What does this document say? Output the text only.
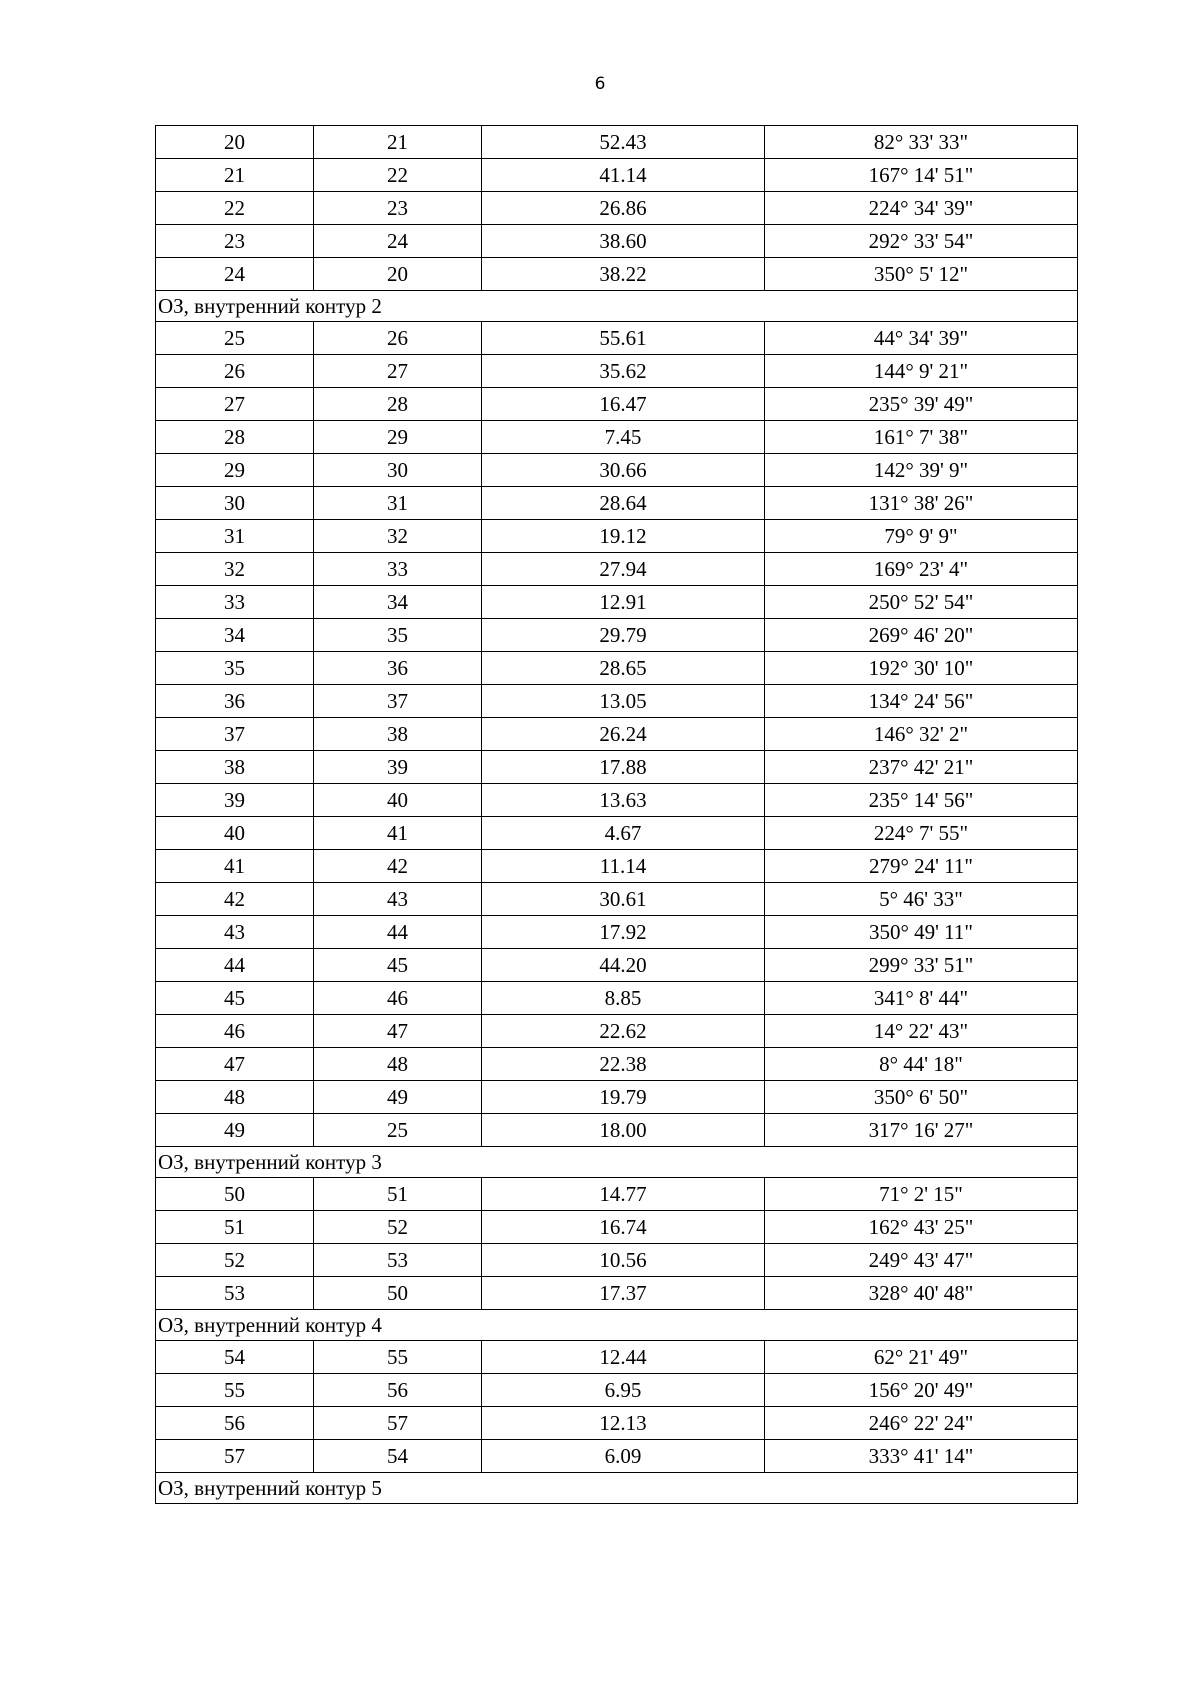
6
20	21	52.43	82° 33' 33"
21	22	41.14	167° 14' 51"
22	23	26.86	224° 34' 39"
23	24	38.60	292° 33' 54"
24	20	38.22	350° 5' 12"
ОЗ, внутренний контур 2			
25	26	55.61	44° 34' 39"
26	27	35.62	144° 9' 21"
27	28	16.47	235° 39' 49"
28	29	7.45	161° 7' 38"
29	30	30.66	142° 39' 9"
30	31	28.64	131° 38' 26"
31	32	19.12	79° 9' 9"
32	33	27.94	169° 23' 4"
33	34	12.91	250° 52' 54"
34	35	29.79	269° 46' 20"
35	36	28.65	192° 30' 10"
36	37	13.05	134° 24' 56"
37	38	26.24	146° 32' 2"
38	39	17.88	237° 42' 21"
39	40	13.63	235° 14' 56"
40	41	4.67	224° 7' 55"
41	42	11.14	279° 24' 11"
42	43	30.61	5° 46' 33"
43	44	17.92	350° 49' 11"
44	45	44.20	299° 33' 51"
45	46	8.85	341° 8' 44"
46	47	22.62	14° 22' 43"
47	48	22.38	8° 44' 18"
48	49	19.79	350° 6' 50"
49	25	18.00	317° 16' 27"
ОЗ, внутренний контур 3			
50	51	14.77	71° 2' 15"
51	52	16.74	162° 43' 25"
52	53	10.56	249° 43' 47"
53	50	17.37	328° 40' 48"
ОЗ, внутренний контур 4			
54	55	12.44	62° 21' 49"
55	56	6.95	156° 20' 49"
56	57	12.13	246° 22' 24"
57	54	6.09	333° 41' 14"
ОЗ, внутренний контур 5			
